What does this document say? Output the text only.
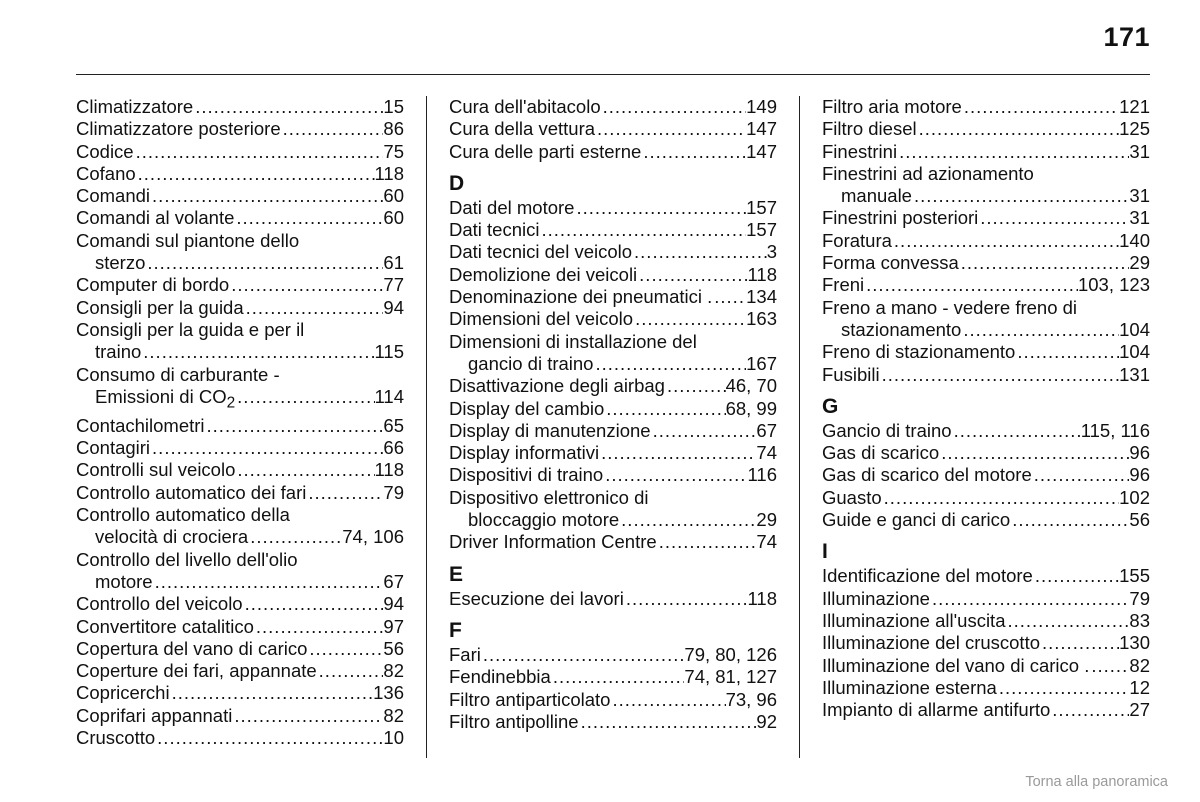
171
Climatizzatore .....	15
Climatizzatore posteriore .....	86
Codice .....	75
Cofano .....	118
Comandi .....	60
Comandi al volante .....	60
Comandi sul piantone dello
sterzo .....	61
Computer di bordo .....	77
Consigli per la guida .....	94
Consigli per la guida e per il
traino .....	115
Consumo di carburante -
Emissioni di $CO_2$ .....	114
Contachilometri .....	65
Contagiri .....	66
Controlli sul veicolo .....	118
Controllo automatico dei fari .....	79
Controllo automatico della
velocità di crociera .....	74, 106
Controllo del livello dell'olio
motore .....	67
Controllo del veicolo .....	94
Convertitore catalitico .....	97
Copertura del vano di carico .....	56
Coperture dei fari, appannate .....	82
Copricerchi .....	136
Coprifari appannati .....	82
Cruscotto .....	10
Cura dell'abitacolo .....	149
Cura della vettura .....	147
Cura delle parti esterne .....	147
D
Dati del motore .....	157
Dati tecnici .....	157
Dati tecnici del veicolo .....	3
Demolizione dei veicoli .....	118
Denominazione dei pneumatici . ..... 134
Dimensioni del veicolo .....	163
Dimensioni di installazione del
gancio di traino .....	167
Disattivazione degli airbag .....	46, 70
Display del cambio .....	68, 99
Display di manutenzione .....	67
Display informativi .....	74
Dispositivi di traino .....	116
Dispositivo elettronico di
bloccaggio motore .....	29
Driver Information Centre .....	74
E
Esecuzione dei lavori .....	118
F
Fari .....	79, 80, 126
Fendinebbia .....	74, 81, 127
Filtro antiparticolato .....	73, 96
Filtro antipolline .....	92
Filtro aria motore .....	121
Filtro diesel .....	125
Finestrini .....	31
Finestrini ad azionamento
manuale .....	31
Finestrini posteriori .....	31
Foratura .....	140
Forma convessa .....	29
Freni .....	103, 123
Freno a mano - vedere freno di
stazionamento .....	104
Freno di stazionamento .....	104
Fusibili .....	131
G
Gancio di traino .....	115, 116
Gas di scarico .....	96
Gas di scarico del motore .....	96
Guasto .....	102
Guide e ganci di carico .....	56
I
Identificazione del motore .....	155
Illuminazione .....	79
Illuminazione all'uscita .....	83
Illuminazione del cruscotto .....	130
Illuminazione del vano di carico . ..... 82
Illuminazione esterna .....	12
Impianto di allarme antifurto .....	27
Torna alla panoramica
